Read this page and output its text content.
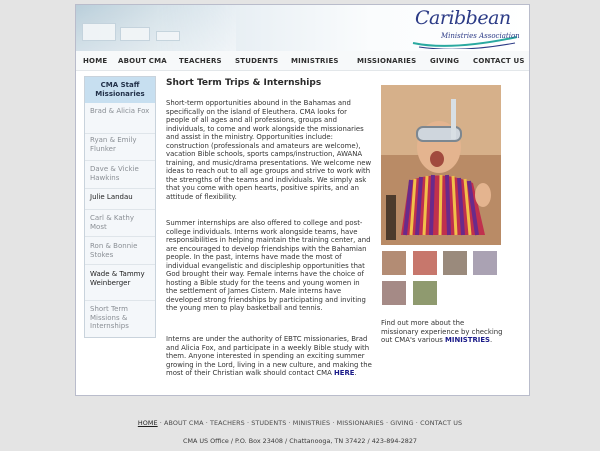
Caribbean
Ministries Association
HOME ABOUT CMA TEACHERS STUDENTS MINISTRIES	MISSIONARIES GIVING CONTACT US
CMA Staff Missionaries
Brad & Alicia Fox
Ryan & Emily Flunker
Dave & Vickie Hawkins
Julie Landau
Carl & Kathy Most
Ron & Bonnie Stokes
Wade & Tammy Weinberger
Short Term Missions & Internships
Short Term Trips & Internships
Short-term opportunities abound in the Bahamas and specifically on the island of Eleuthera. CMA looks for people of all ages and all professions, groups and individuals, to come and work alongside the missionaries and assist in the ministry. Opportunities include: construction (professionals and amateurs are welcome), vacation Bible schools, sports camps/instruction, AWANA training, and music/drama presentations. We welcome new ideas to reach out to all age groups and strive to work with the strengths of the teams and individuals. We simply ask that you come with open hearts, positive spirits, and an attitude of flexibility.
Summer internships are also offered to college and post-college individuals. Interns work alongside teams, have responsibilities in helping maintain the training center, and are encouraged to develop friendships with the Bahamian people. In the past, interns have made the most of individual evangelistic and discipleship opportunities that God brought their way. Female interns have the choice of hosting a Bible study for the teens and young women in the settlement of James Cistern. Male interns have developed strong friendships by participating and inviting the young men to play basketball and tennis.
Interns are under the authority of EBTC missionaries, Brad and Alicia Fox, and participate in a weekly Bible study with them. Anyone interested in spending an exciting summer growing in the Lord, living in a new culture, and making the most of their Christian walk should contact CMA HERE.
Find out more about the missionary experience by checking out CMA's various MINISTRIES.
HOME · ABOUT CMA · TEACHERS · STUDENTS · MINISTRIES · MISSIONARIES · GIVING · CONTACT US
CMA US Office / P.O. Box 23408 / Chattanooga, TN 37422 / 423-894-2827
